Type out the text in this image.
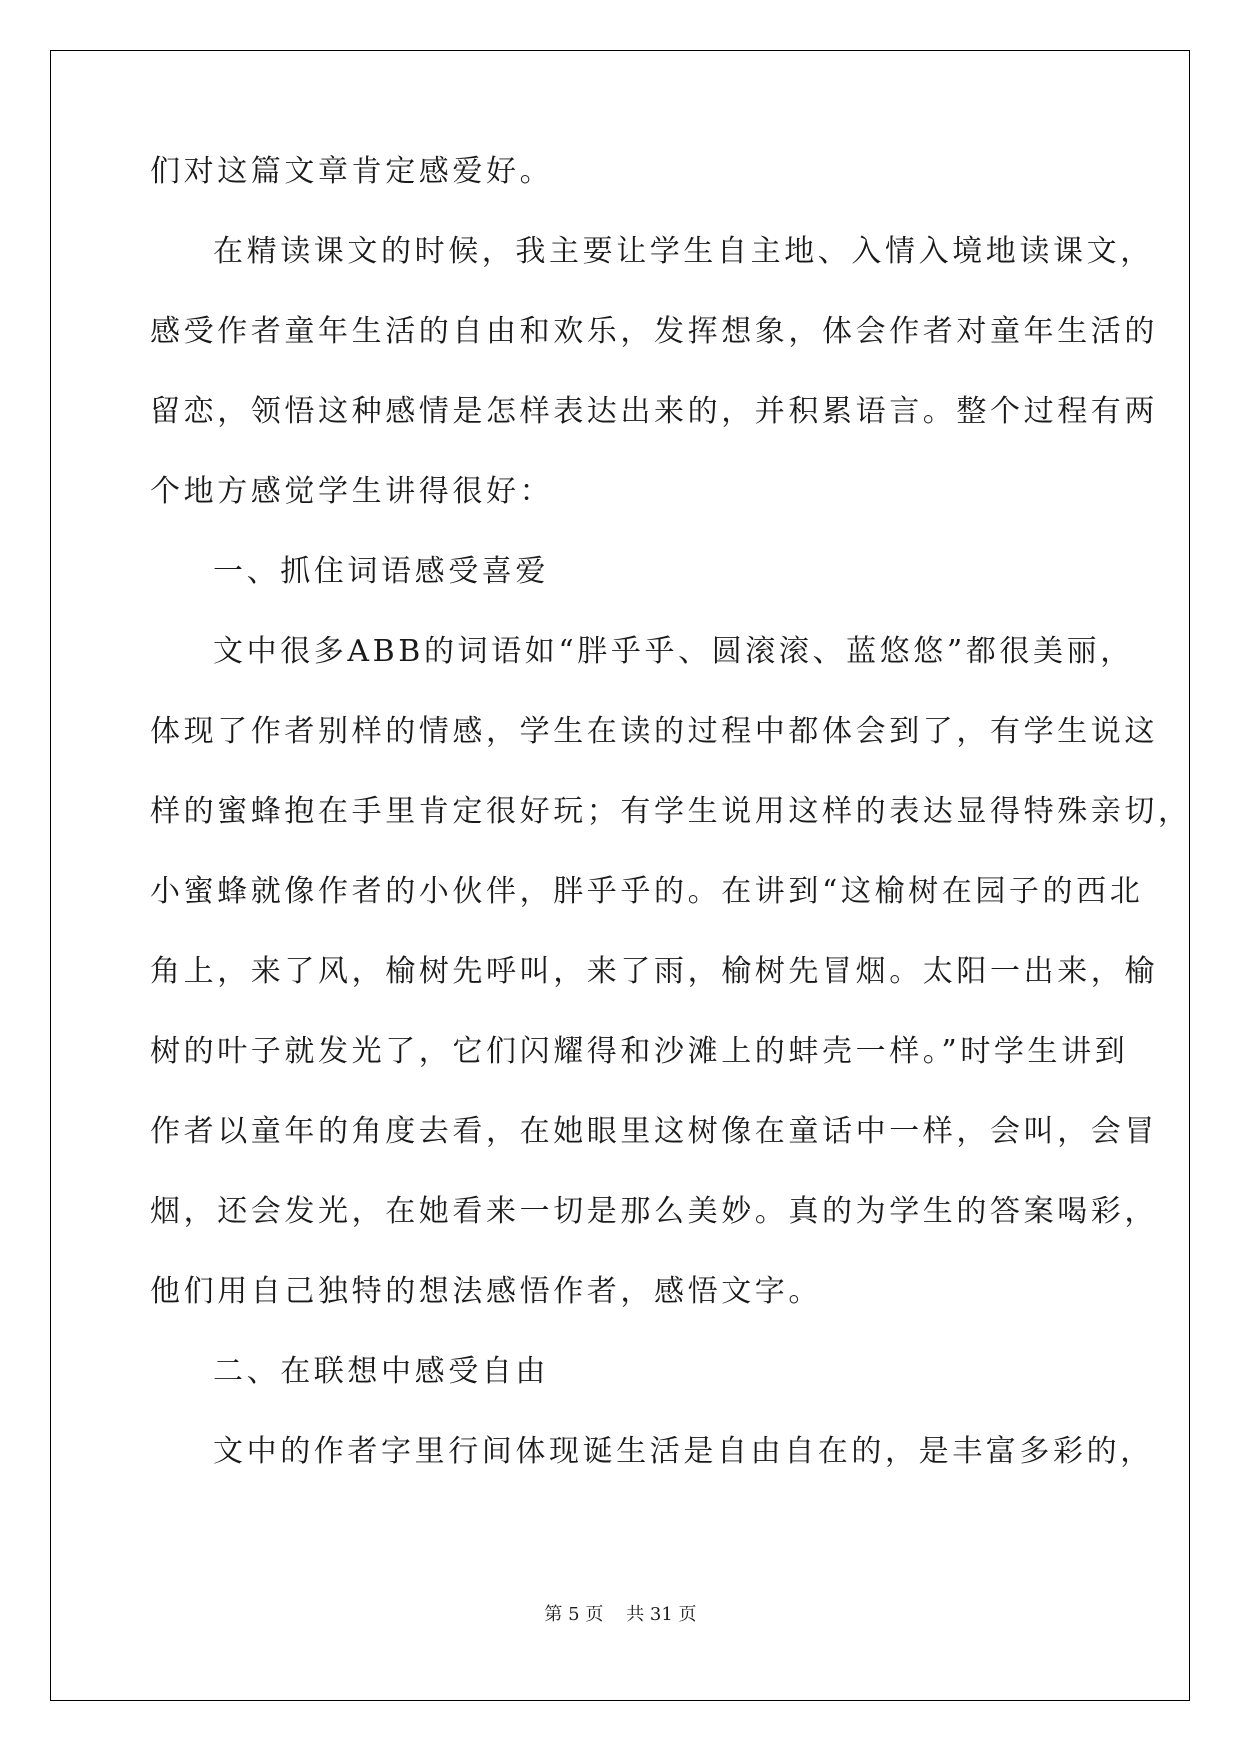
们对这篇文章肯定感爱好。
在精读课文的时候，我主要让学生自主地、入情入境地读课文，
感受作者童年生活的自由和欢乐，发挥想象，体会作者对童年生活的
留恋，领悟这种感情是怎样表达出来的，并积累语言。整个过程有两
个地方感觉学生讲得很好：
一、抓住词语感受喜爱
文中很多ABB的词语如“胖乎乎、圆滚滚、蓝悠悠”都很美丽，
体现了作者别样的情感，学生在读的过程中都体会到了，有学生说这
样的蜜蜂抱在手里肯定很好玩；有学生说用这样的表达显得特殊亲切，
小蜜蜂就像作者的小伙伴，胖乎乎的。在讲到“这榆树在园子的西北
角上，来了风，榆树先呼叫，来了雨，榆树先冒烟。太阳一出来，榆
树的叶子就发光了，它们闪耀得和沙滩上的蚌壳一样。”时学生讲到
作者以童年的角度去看，在她眼里这树像在童话中一样，会叫，会冒
烟，还会发光，在她看来一切是那么美妙。真的为学生的答案喝彩，
他们用自己独特的想法感悟作者，感悟文字。
二、在联想中感受自由
文中的作者字里行间体现诞生活是自由自在的，是丰富多彩的，
第 5 页    共 31 页
